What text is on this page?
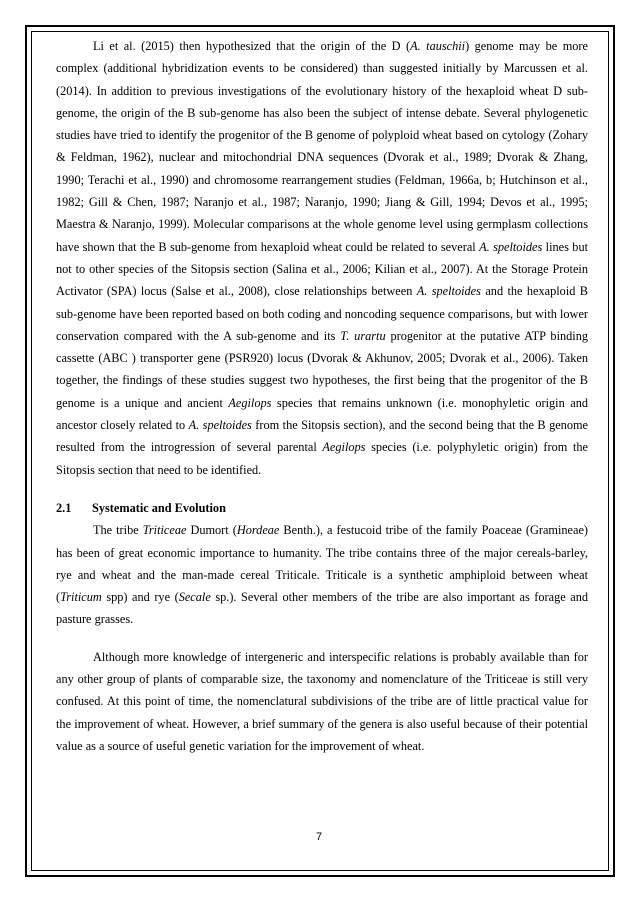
Li et al. (2015) then hypothesized that the origin of the D (A. tauschii) genome may be more complex (additional hybridization events to be considered) than suggested initially by Marcussen et al. (2014). In addition to previous investigations of the evolutionary history of the hexaploid wheat D sub-genome, the origin of the B sub-genome has also been the subject of intense debate. Several phylogenetic studies have tried to identify the progenitor of the B genome of polyploid wheat based on cytology (Zohary & Feldman, 1962), nuclear and mitochondrial DNA sequences (Dvorak et al., 1989; Dvorak & Zhang, 1990; Terachi et al., 1990) and chromosome rearrangement studies (Feldman, 1966a, b; Hutchinson et al., 1982; Gill & Chen, 1987; Naranjo et al., 1987; Naranjo, 1990; Jiang & Gill, 1994; Devos et al., 1995; Maestra & Naranjo, 1999). Molecular comparisons at the whole genome level using germplasm collections have shown that the B sub-genome from hexaploid wheat could be related to several A. speltoides lines but not to other species of the Sitopsis section (Salina et al., 2006; Kilian et al., 2007). At the Storage Protein Activator (SPA) locus (Salse et al., 2008), close relationships between A. speltoides and the hexaploid B sub-genome have been reported based on both coding and noncoding sequence comparisons, but with lower conservation compared with the A sub-genome and its T. urartu progenitor at the putative ATP binding cassette (ABC ) transporter gene (PSR920) locus (Dvorak & Akhunov, 2005; Dvorak et al., 2006). Taken together, the findings of these studies suggest two hypotheses, the first being that the progenitor of the B genome is a unique and ancient Aegilops species that remains unknown (i.e. monophyletic origin and ancestor closely related to A. speltoides from the Sitopsis section), and the second being that the B genome resulted from the introgression of several parental Aegilops species (i.e. polyphyletic origin) from the Sitopsis section that need to be identified.

2.1 Systematic and Evolution

The tribe Triticeae Dumort (Hordeae Benth.), a festucoid tribe of the family Poaceae (Gramineae) has been of great economic importance to humanity. The tribe contains three of the major cereals-barley, rye and wheat and the man-made cereal Triticale. Triticale is a synthetic amphiploid between wheat (Triticum spp) and rye (Secale sp.). Several other members of the tribe are also important as forage and pasture grasses.

Although more knowledge of intergeneric and interspecific relations is probably available than for any other group of plants of comparable size, the taxonomy and nomenclature of the Triticeae is still very confused. At this point of time, the nomenclatural subdivisions of the tribe are of little practical value for the improvement of wheat. However, a brief summary of the genera is also useful because of their potential value as a source of useful genetic variation for the improvement of wheat.

7
